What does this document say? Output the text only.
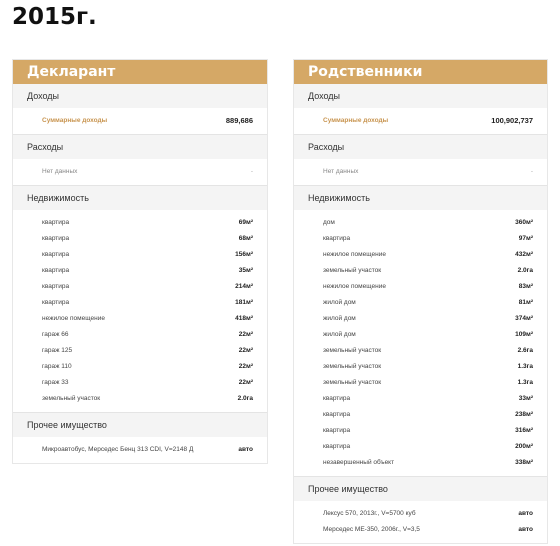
2015г.
Декларант
Доходы
Суммарные доходы	889,686
Расходы
Нет данных	-
Недвижимость
квартира	69м²
квартира	68м²
квартира	156м²
квартира	35м²
квартира	214м²
квартира	181м²
нежилое помещение	418м²
гараж 66	22м²
гараж 125	22м²
гараж 110	22м²
гараж 33	22м²
земельный участок	2.0га
Прочее имущество
Микроавтобус, Мерседес Бенц 313 CDI, V=2148 Д	авто
Родственники
Доходы
Суммарные доходы	100,902,737
Расходы
Нет данных	-
Недвижимость
дом	360м²
квартира	97м²
нежилое помещение	432м²
земельный участок	2.0га
нежилое помещение	83м²
жилой дом	81м²
жилой дом	374м²
жилой дом	109м²
земельный участок	2.6га
земельный участок	1.3га
земельный участок	1.3га
квартира	33м²
квартира	238м²
квартира	316м²
квартира	200м²
незавершенный объект	338м²
Прочее имущество
Лексус 570, 2013г., V=5700 куб	авто
Мерседес МЕ-350, 2006г., V=3,5	авто
